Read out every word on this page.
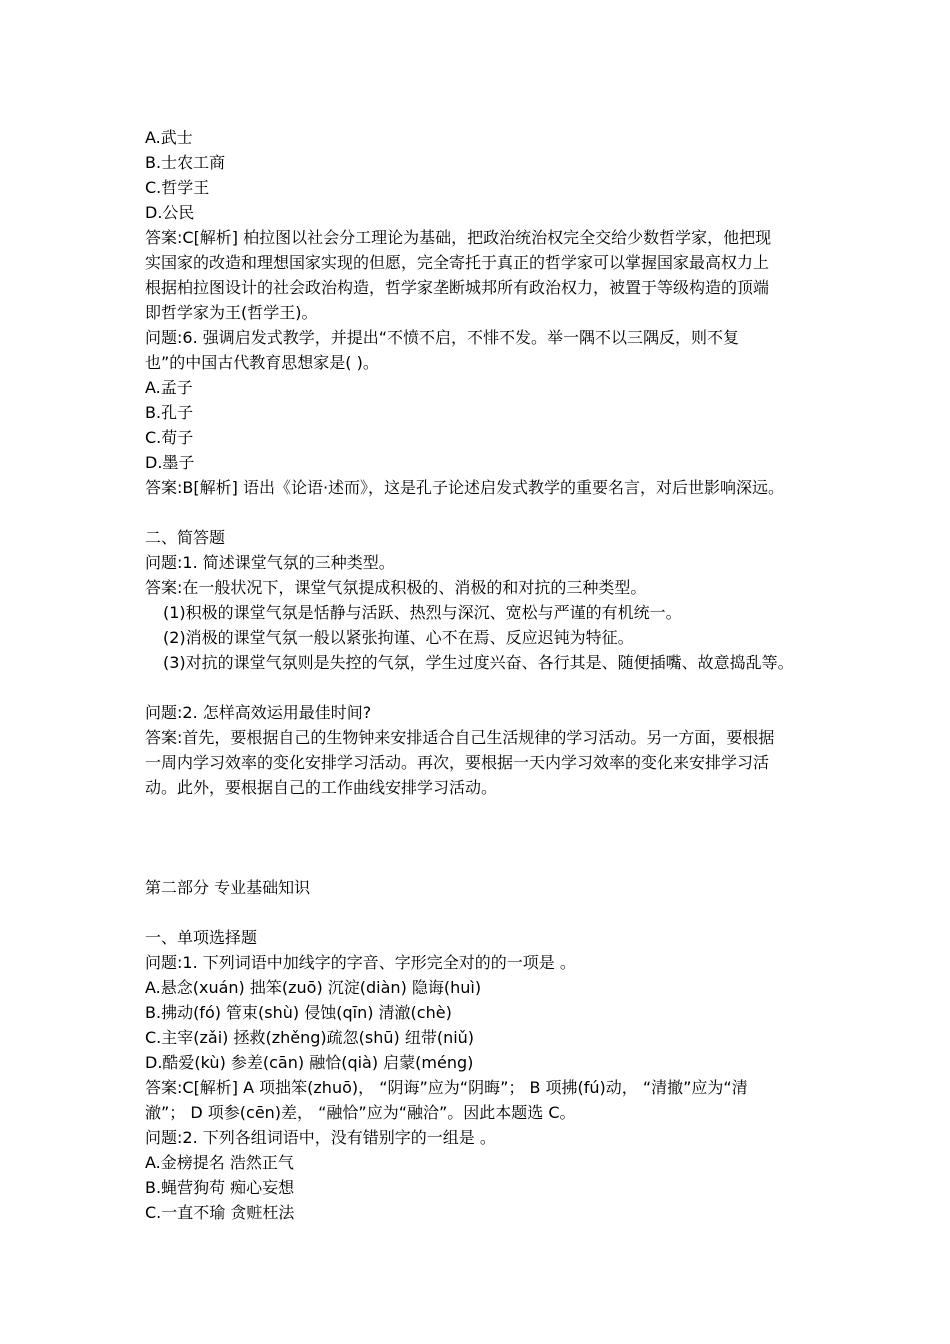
A.武士
B.士农工商
C.哲学王
D.公民
答案:C[解析] 柏拉图以社会分工理论为基础，把政治统治权完全交给少数哲学家，他把现
实国家的改造和理想国家实现的但愿，完全寄托于真正的哲学家可以掌握国家最高权力上
根据柏拉图设计的社会政治构造，哲学家垄断城邦所有政治权力，被置于等级构造的顶端
即哲学家为王(哲学王)。
问题:6. 强调启发式教学，并提出“不愤不启，不悱不发。举一隅不以三隅反，则不复
也”的中国古代教育思想家是( )。
A.孟子
B.孔子
C.荀子
D.墨子
答案:B[解析] 语出《论语·述而》，这是孔子论述启发式教学的重要名言，对后世影响深远。
二、简答题
问题:1. 简述课堂气氛的三种类型。
答案:在一般状况下，课堂气氛提成积极的、消极的和对抗的三种类型。
(1)积极的课堂气氛是恬静与活跃、热烈与深沉、宽松与严谨的有机统一。
(2)消极的课堂气氛一般以紧张拘谨、心不在焉、反应迟钝为特征。
(3)对抗的课堂气氛则是失控的气氛，学生过度兴奋、各行其是、随便插嘴、故意捣乱等。
问题:2. 怎样高效运用最佳时间?
答案:首先，要根据自己的生物钟来安排适合自己生活规律的学习活动。另一方面，要根据
一周内学习效率的变化安排学习活动。再次，要根据一天内学习效率的变化来安排学习活
动。此外，要根据自己的工作曲线安排学习活动。
第二部分 专业基础知识
一、单项选择题
问题:1. 下列词语中加线字的字音、字形完全对的的一项是 。
A.悬念(xuán) 拙笨(zuō) 沉淀(diàn) 隐诲(huì)
B.拂动(fó) 管束(shù) 侵蚀(qīn) 清澈(chè)
C.主宰(zǎi) 拯救(zhěng)疏忽(shū) 纽带(niǔ)
D.酷爱(kù) 参差(cān) 融恰(qià) 启蒙(méng)
答案:C[解析] A 项拙笨(zhuō)， “阴诲”应为“阴晦”； B 项拂(fú)动， “清撤”应为“清
澈”； D 项参(cēn)差， “融恰”应为“融洽”。因此本题选 C。
问题:2. 下列各组词语中，没有错别字的一组是 。
A.金榜提名 浩然正气
B.蝇营狗苟 痴心妄想
C.一直不瑜 贪赃枉法
